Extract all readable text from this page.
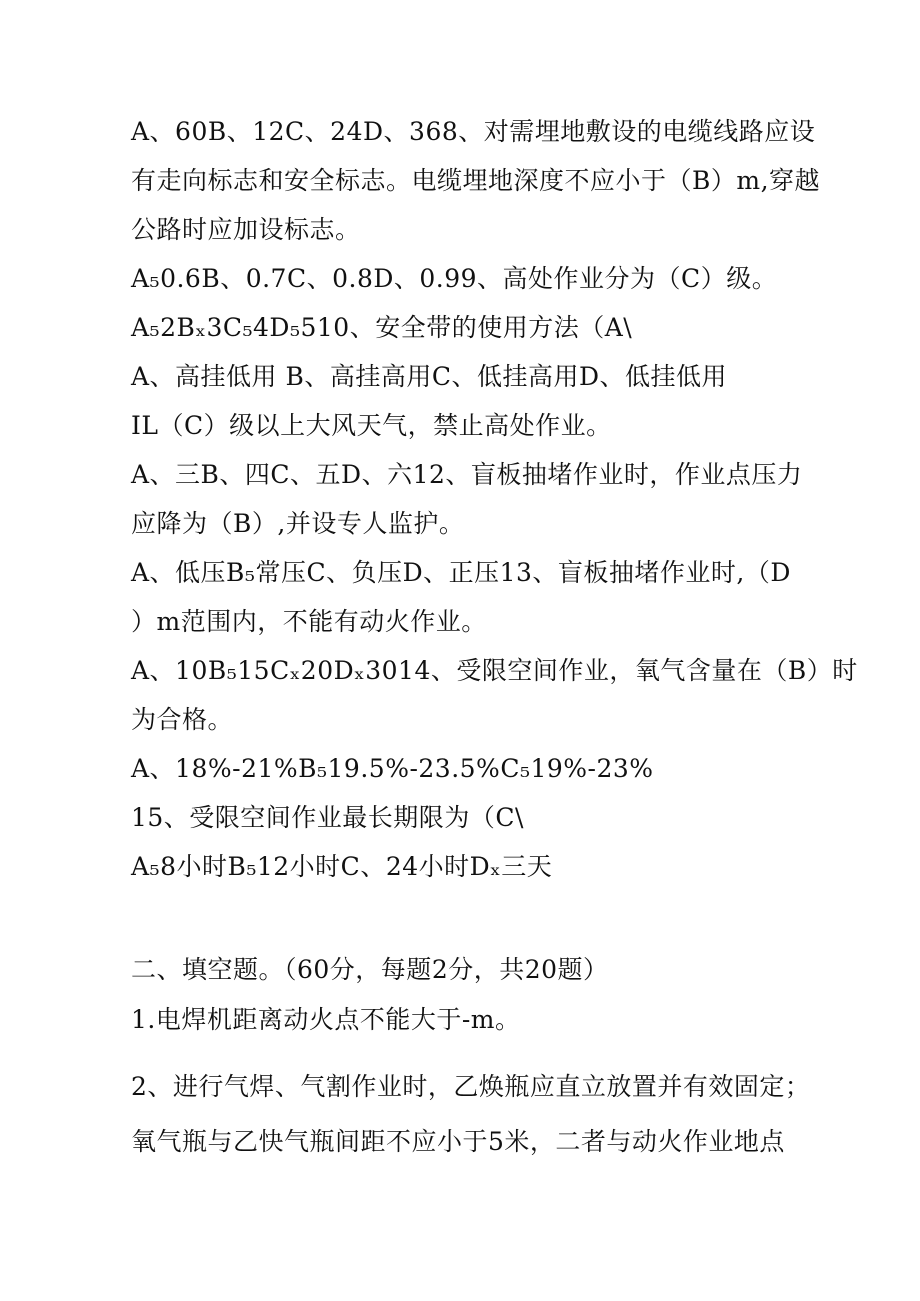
A、60B、12C、24D、368、对需埋地敷设的电缆线路应设
有走向标志和安全标志。电缆埋地深度不应小于（B）m,穿越
公路时应加设标志。
A₅0.6B、0.7C、0.8D、0.99、高处作业分为（C）级。
A₅2Bₓ3C₅4D₅510、安全带的使用方法（A\
A、高挂低用 B、高挂高用C、低挂高用D、低挂低用
IL（C）级以上大风天气，禁止高处作业。
A、三B、四C、五D、六12、盲板抽堵作业时，作业点压力
应降为（B）,并设专人监护。
A、低压B₅常压C、负压D、正压13、盲板抽堵作业时,（D
）m范围内，不能有动火作业。
A、10B₅15Cₓ20Dₓ3014、受限空间作业，氧气含量在（B）时
为合格。
A、18%-21%B₅19.5%-23.5%C₅19%-23%
15、受限空间作业最长期限为（C\
A₅8小时B₅12小时C、24小时Dₓ三天
二、填空题。（60分，每题2分，共20题）
1.电焊机距离动火点不能大于-m。
2、进行气焊、气割作业时，乙焕瓶应直立放置并有效固定；
氧气瓶与乙快气瓶间距不应小于5米，二者与动火作业地点
